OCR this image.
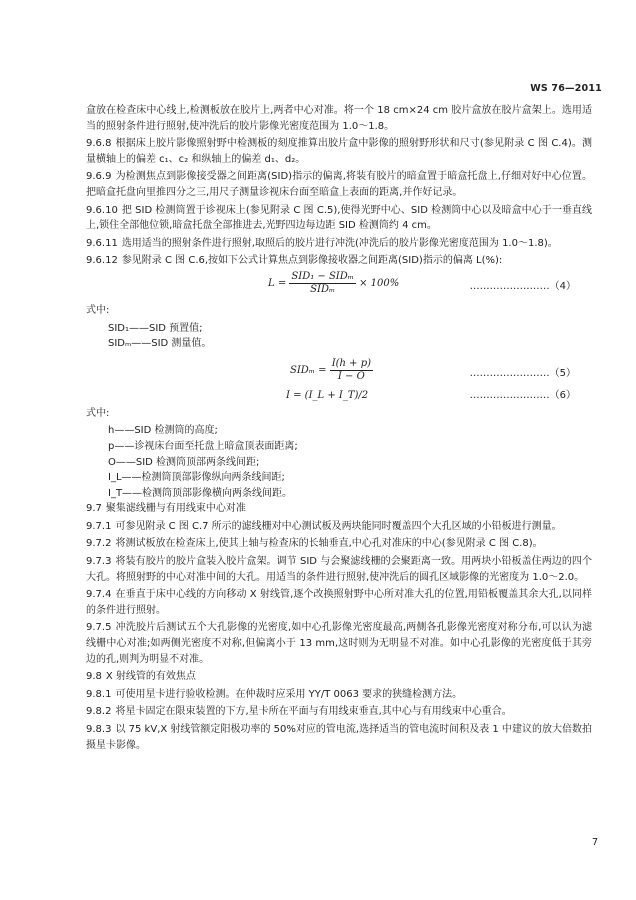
WS 76—2011

盒放在检查床中心线上,检测板放在胶片上,两者中心对准。将一个 18 cm×24 cm 胶片盒放在胶片盒架上。选用适当的照射条件进行照射,使冲洗后的胶片影像光密度范围为 1.0～1.8。

9.6.8 根据床上胶片影像照射野中检测板的刻度推算出胶片盒中影像的照射野形状和尺寸(参见附录 C 图 C.4)。测量横轴上的偏差 c₁、c₂ 和纵轴上的偏差 d₁、d₂。

9.6.9 为检测焦点到影像接受器之间距离(SID)指示的偏离,将装有胶片的暗盒置于暗盒托盘上,仔细对好中心位置。把暗盒托盘向里推四分之三,用尺子测量诊视床台面至暗盒上表面的距离,并作好记录。

9.6.10 把 SID 检测筒置于诊视床上(参见附录 C 图 C.5),使得光野中心、SID 检测筒中心以及暗盒中心于一垂直线上,锁住全部他位锁,暗盒托盘全部推进去,光野四边每边距 SID 检测筒约 4 cm。

9.6.11 选用适当的照射条件进行照射,取照后的胶片进行冲洗(冲洗后的胶片影像光密度范围为 1.0～1.8)。

9.6.12 参见附录 C 图 C.6,按如下公式计算焦点到影像接收器之间距离(SID)指示的偏离 L(%):

$L = \frac{\text{SID₁ − SIDₘ}}{\text{SIDₘ}} \times 100\%$	……………………（4）

式中:

SID₁——SID 预置值;

SIDₘ——SID 测量值。

$SID_m = \frac{I(h + p)}{I - O}$	……………………（5）
I = (I_L + I_T)/2	……………………（6）

式中:

h——SID 检测筒的高度;

p——诊视床台面至托盘上暗盒顶表面距离;

O——SID 检测筒顶部两条线间距;

I_L——检测筒顶部影像纵向两条线间距;

I_T——检测筒顶部影像横向两条线间距。

9.7 聚集滤线栅与有用线束中心对准

9.7.1 可参见附录 C 图 C.7 所示的滤线栅对中心测试板及两块能同时覆盖四个大孔区域的小铅板进行测量。

9.7.2 将测试板放在检查床上,使其上轴与检查床的长轴垂直,中心孔对准床的中心(参见附录 C 图 C.8)。

9.7.3 将装有胶片的胶片盒装入胶片盒架。调节 SID 与会聚滤线栅的会聚距离一致。用两块小铅板盖住两边的四个大孔。将照射野的中心对准中间的大孔。用适当的条件进行照射,使冲洗后的圆孔区域影像的光密度为 1.0～2.0。

9.7.4 在垂直于床中心线的方向移动 X 射线管,逐个改换照射野中心所对准大孔的位置,用铅板覆盖其余大孔,以同样的条件进行照射。

9.7.5 冲洗胶片后测试五个大孔影像的光密度,如中心孔影像光密度最高,两侧各孔影像光密度对称分布,可以认为滤线栅中心对准;如两侧光密度不对称,但偏离小于 13 mm,这时则为无明显不对准。如中心孔影像的光密度低于其旁边的孔,则判为明显不对准。

9.8 X 射线管的有效焦点

9.8.1 可使用星卡进行验收检测。在仲裁时应采用 YY/T 0063 要求的狭缝检测方法。

9.8.2 将星卡固定在限束装置的下方,星卡所在平面与有用线束垂直,其中心与有用线束中心重合。

9.8.3 以 75 kV,X 射线管额定阳极功率的 50%对应的管电流,选择适当的管电流时间积及表 1 中建议的放大倍数拍摄星卡影像。

7
